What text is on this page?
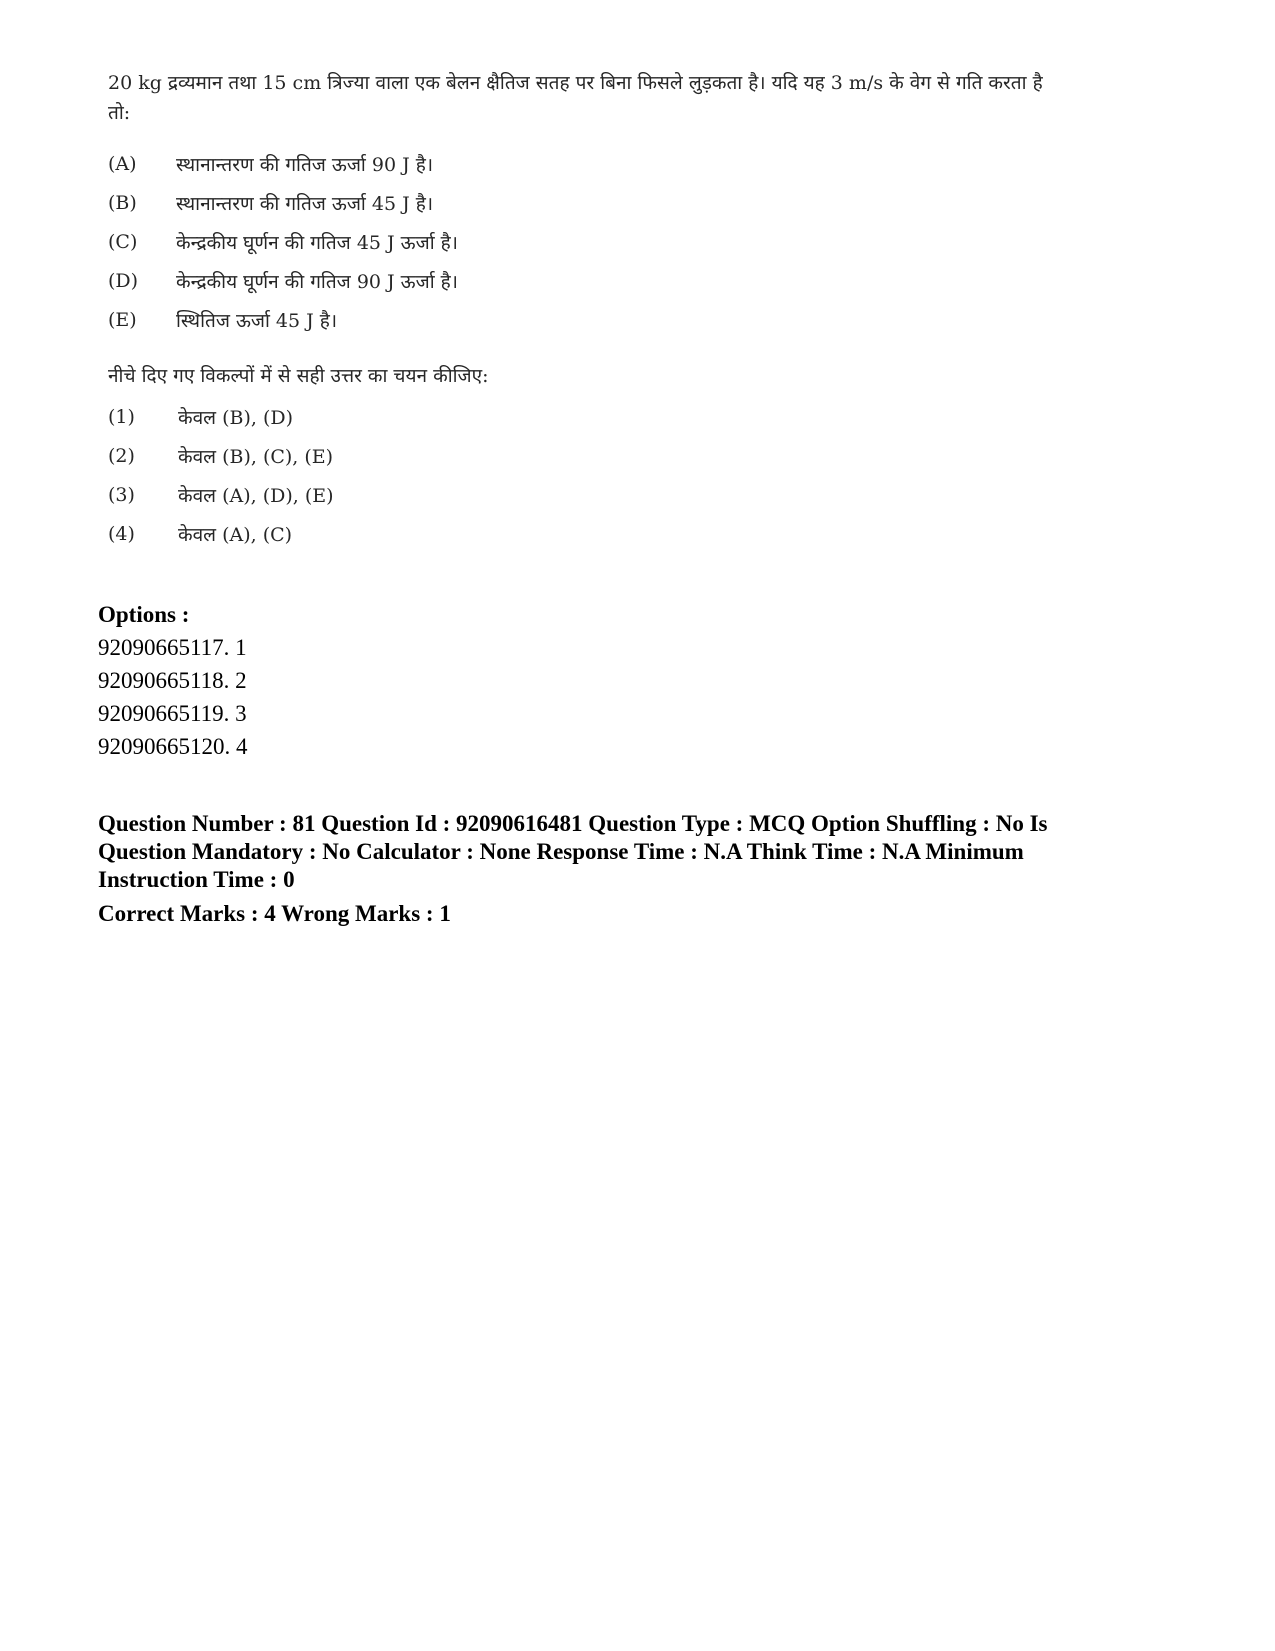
20 kg द्रव्यमान तथा 15 cm त्रिज्या वाला एक बेलन क्षैतिज सतह पर बिना फिसले लुड़कता है। यदि यह 3 m/s के वेग से गति करता है तो:

(A)	स्थानान्तरण की गतिज ऊर्जा 90 J है।
(B)	स्थानान्तरण की गतिज ऊर्जा 45 J है।
(C)	केन्द्रकीय घूर्णन की गतिज 45 J ऊर्जा है।
(D)	केन्द्रकीय घूर्णन की गतिज 90 J ऊर्जा है।
(E)	स्थितिज ऊर्जा 45 J है।
नीचे दिए गए विकल्पों में से सही उत्तर का चयन कीजिए:
(1)	केवल (B), (D)
(2)	केवल (B), (C), (E)
(3)	केवल (A), (D), (E)
(4)	केवल (A), (C)
Options :
92090665117. 1
92090665118. 2
92090665119. 3
92090665120. 4
Question Number : 81 Question Id : 92090616481 Question Type : MCQ Option Shuffling : No Is Question Mandatory : No Calculator : None Response Time : N.A Think Time : N.A Minimum Instruction Time : 0
Correct Marks : 4 Wrong Marks : 1
